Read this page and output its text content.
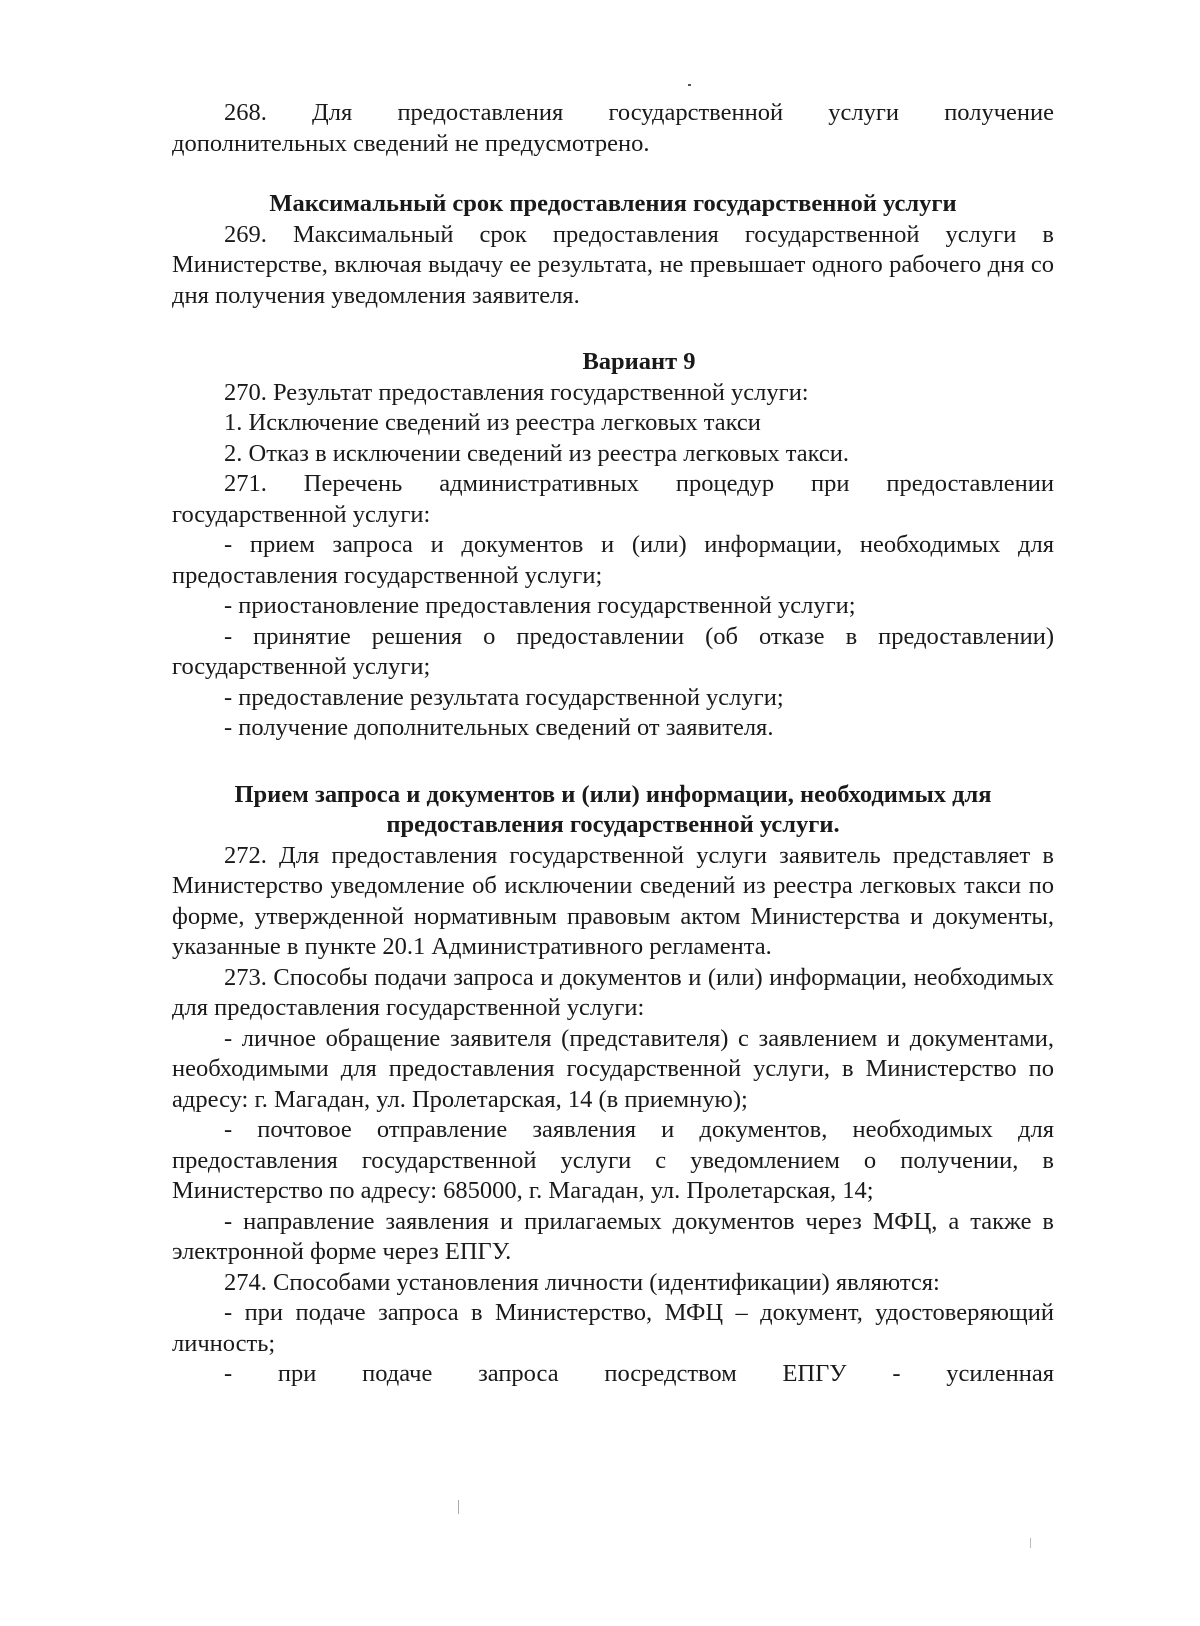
268. Для предоставления государственной услуги получение

дополнительных сведений не предусмотрено.

Максимальный срок предоставления государственной услуги

269. Максимальный срок предоставления государственной услуги в Министерстве, включая выдачу ее результата, не превышает одного рабочего дня со дня получения уведомления заявителя.

Вариант 9

270. Результат предоставления государственной услуги:

1. Исключение сведений из реестра легковых такси

2. Отказ в исключении сведений из реестра легковых такси.

271. Перечень административных процедур при предоставлении государственной услуги:

- прием запроса и документов и (или) информации, необходимых для предоставления государственной услуги;

- приостановление предоставления государственной услуги;

- принятие решения о предоставлении (об отказе в предоставлении) государственной услуги;

- предоставление результата государственной услуги;

- получение дополнительных сведений от заявителя.

Прием запроса и документов и (или) информации, необходимых для
предоставления государственной услуги.

272. Для предоставления государственной услуги заявитель представляет в Министерство уведомление об исключении сведений из реестра легковых такси по форме, утвержденной нормативным правовым актом Министерства и документы, указанные в пункте 20.1 Административного регламента.

273. Способы подачи запроса и документов и (или) информации, необходимых для предоставления государственной услуги:

- личное обращение заявителя (представителя) с заявлением и документами, необходимыми для предоставления государственной услуги, в Министерство по адресу: г. Магадан, ул. Пролетарская, 14 (в приемную);

- почтовое отправление заявления и документов, необходимых для предоставления государственной услуги с уведомлением о получении, в Министерство по адресу: 685000, г. Магадан, ул. Пролетарская, 14;

- направление заявления и прилагаемых документов через МФЦ, а также в электронной форме через ЕПГУ.

274. Способами установления личности (идентификации) являются:

- при подаче запроса в Министерство, МФЦ – документ, удостоверяющий личность;

- при подаче запроса посредством ЕПГУ - усиленная
